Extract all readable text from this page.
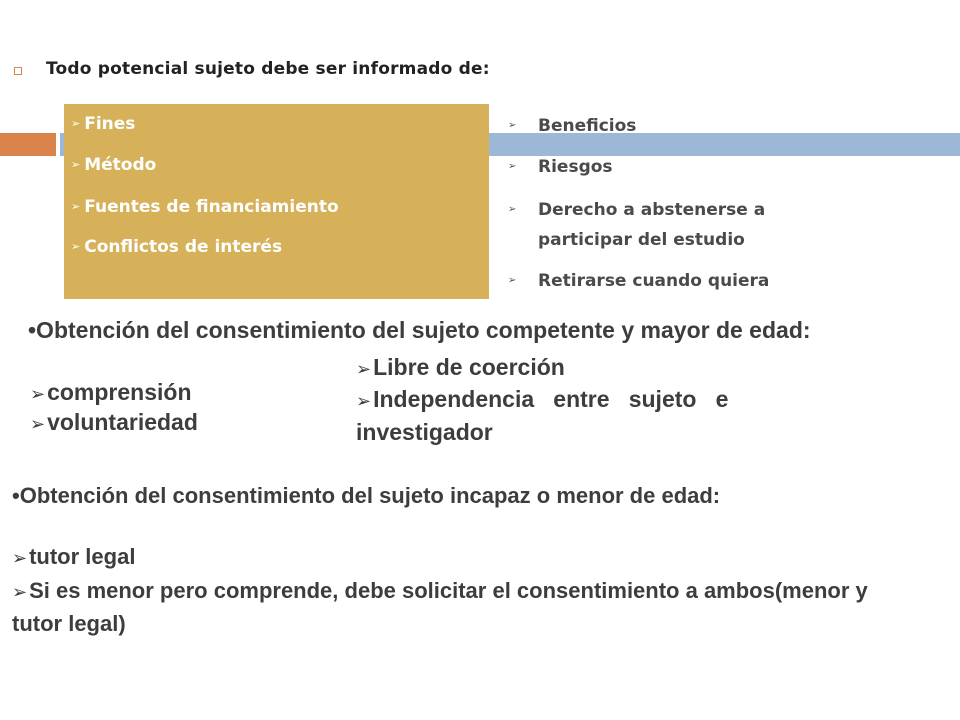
Todo potencial sujeto debe ser informado de:
➢ Fines
➢ Método
➢ Fuentes de financiamiento
➢ Conflictos de interés
➢	Beneficios
➢	Riesgos
➢	Derecho a abstenerse a participar del estudio
➢	Retirarse cuando quiera
•Obtención del consentimiento del sujeto competente y mayor de edad:
➢comprensión
➢voluntariedad
➢Libre de coerción
➢Independencia   entre   sujeto   e investigador
•Obtención del consentimiento del sujeto incapaz o menor de edad:
➢tutor legal
➢Si es menor pero comprende, debe solicitar el consentimiento a ambos(menor y tutor legal)
